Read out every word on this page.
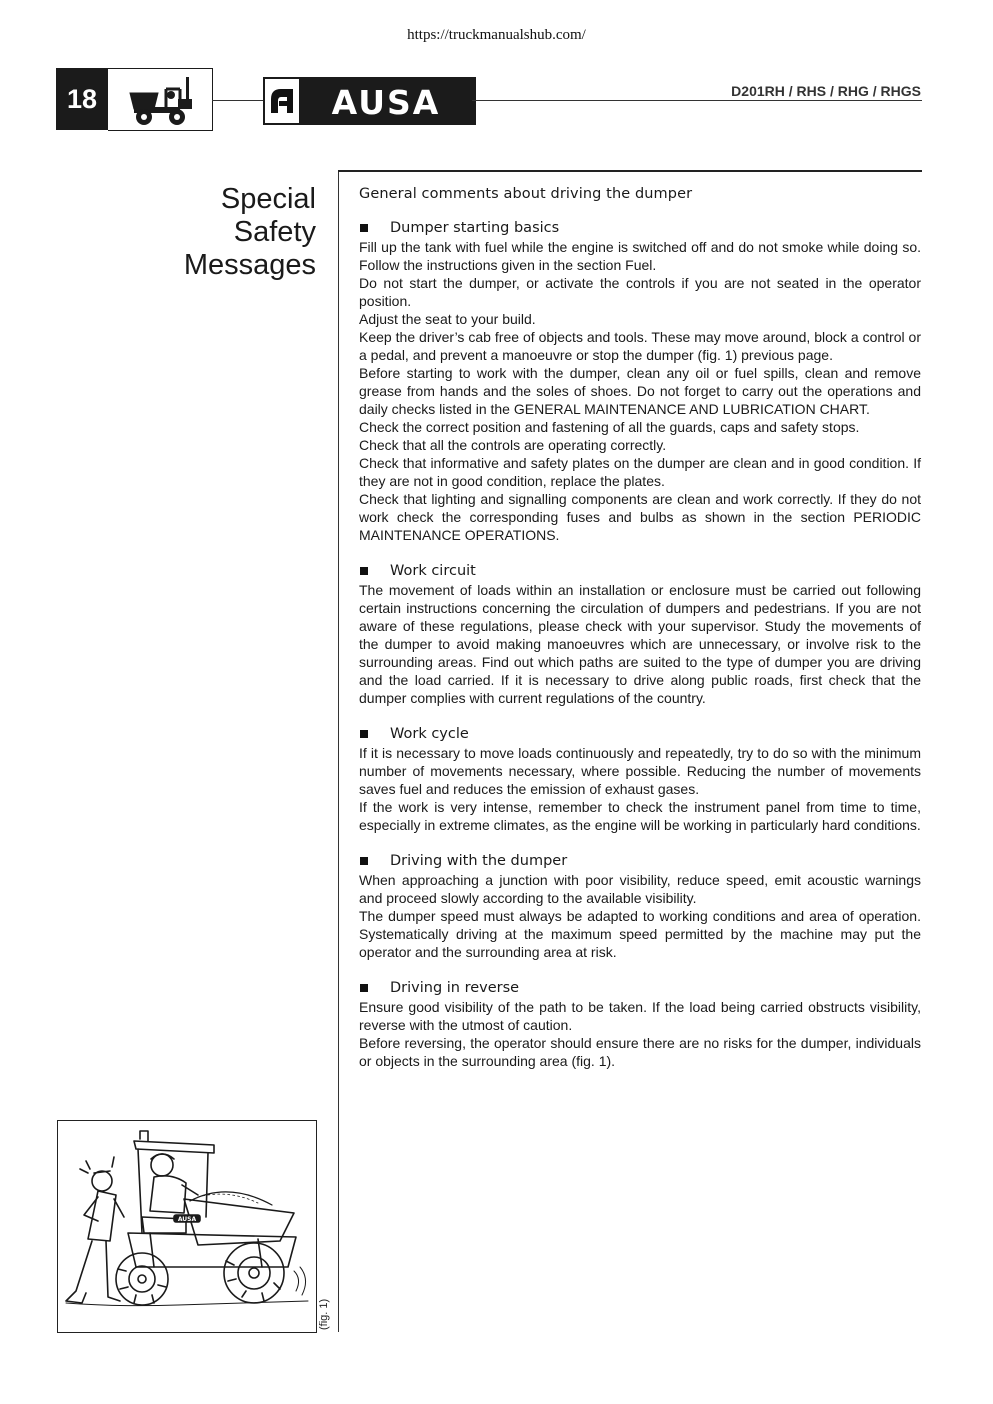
https://truckmanualshub.com/
18	AUSA	D201RH / RHS / RHG / RHGS
Special
Safety
Messages
General comments about driving the dumper
Dumper starting basics

Fill up the tank with fuel while the engine is switched off and do not smoke while doing so. Follow the instructions given in the section Fuel.

Do not start the dumper, or activate the controls if you are not seated in the operator position.

Adjust the seat to your build.

Keep the driver’s cab free of objects and tools. These may move around, block a control or a pedal, and prevent a manoeuvre or stop the dumper (fig. 1) previous page.

Before starting to work with the dumper, clean any oil or fuel spills, clean and remove grease from hands and the soles of shoes. Do not forget to carry out the operations and daily checks listed in the GENERAL MAINTENANCE AND LUBRICATION CHART.

Check the correct position and fastening of all the guards, caps and safety stops.

Check that all the controls are operating correctly.

Check that informative and safety plates on the dumper are clean and in good condition. If they are not in good condition, replace the plates.

Check that lighting and signalling components are clean and work correctly. If they do not work check the corresponding fuses and bulbs as shown in the section PERIODIC MAINTENANCE OPERATIONS.

Work circuit

The movement of loads within an installation or enclosure must be carried out following certain instructions concerning the circulation of dumpers and pedestrians. If you are not aware of these regulations, please check with your supervisor. Study the movements of the dumper to avoid making manoeuvres which are unnecessary, or involve risk to the surrounding areas. Find out which paths are suited to the type of dumper you are driving and the load carried. If it is necessary to drive along public roads, first check that the dumper complies with current regulations of the country.

Work cycle

If it is necessary to move loads continuously and repeatedly, try to do so with the minimum number of movements necessary, where possible. Reducing the number of movements saves fuel and reduces the emission of exhaust gases.

If the work is very intense, remember to check the instrument panel from time to time, especially in extreme climates, as the engine will be working in particularly hard conditions.

Driving with the dumper

When approaching a junction with poor visibility, reduce speed, emit acoustic warnings and proceed slowly according to the available visibility.

The dumper speed must always be adapted to working conditions and area of operation. Systematically driving at the maximum speed permitted by the machine may put the operator and the surrounding area at risk.

Driving in reverse

Ensure good visibility of the path to be taken. If the load being carried obstructs visibility, reverse with the utmost of caution.

Before reversing, the operator should ensure there are no risks for the dumper, individuals or objects in the surrounding area (fig. 1).

AUSA
(fig. 1)
